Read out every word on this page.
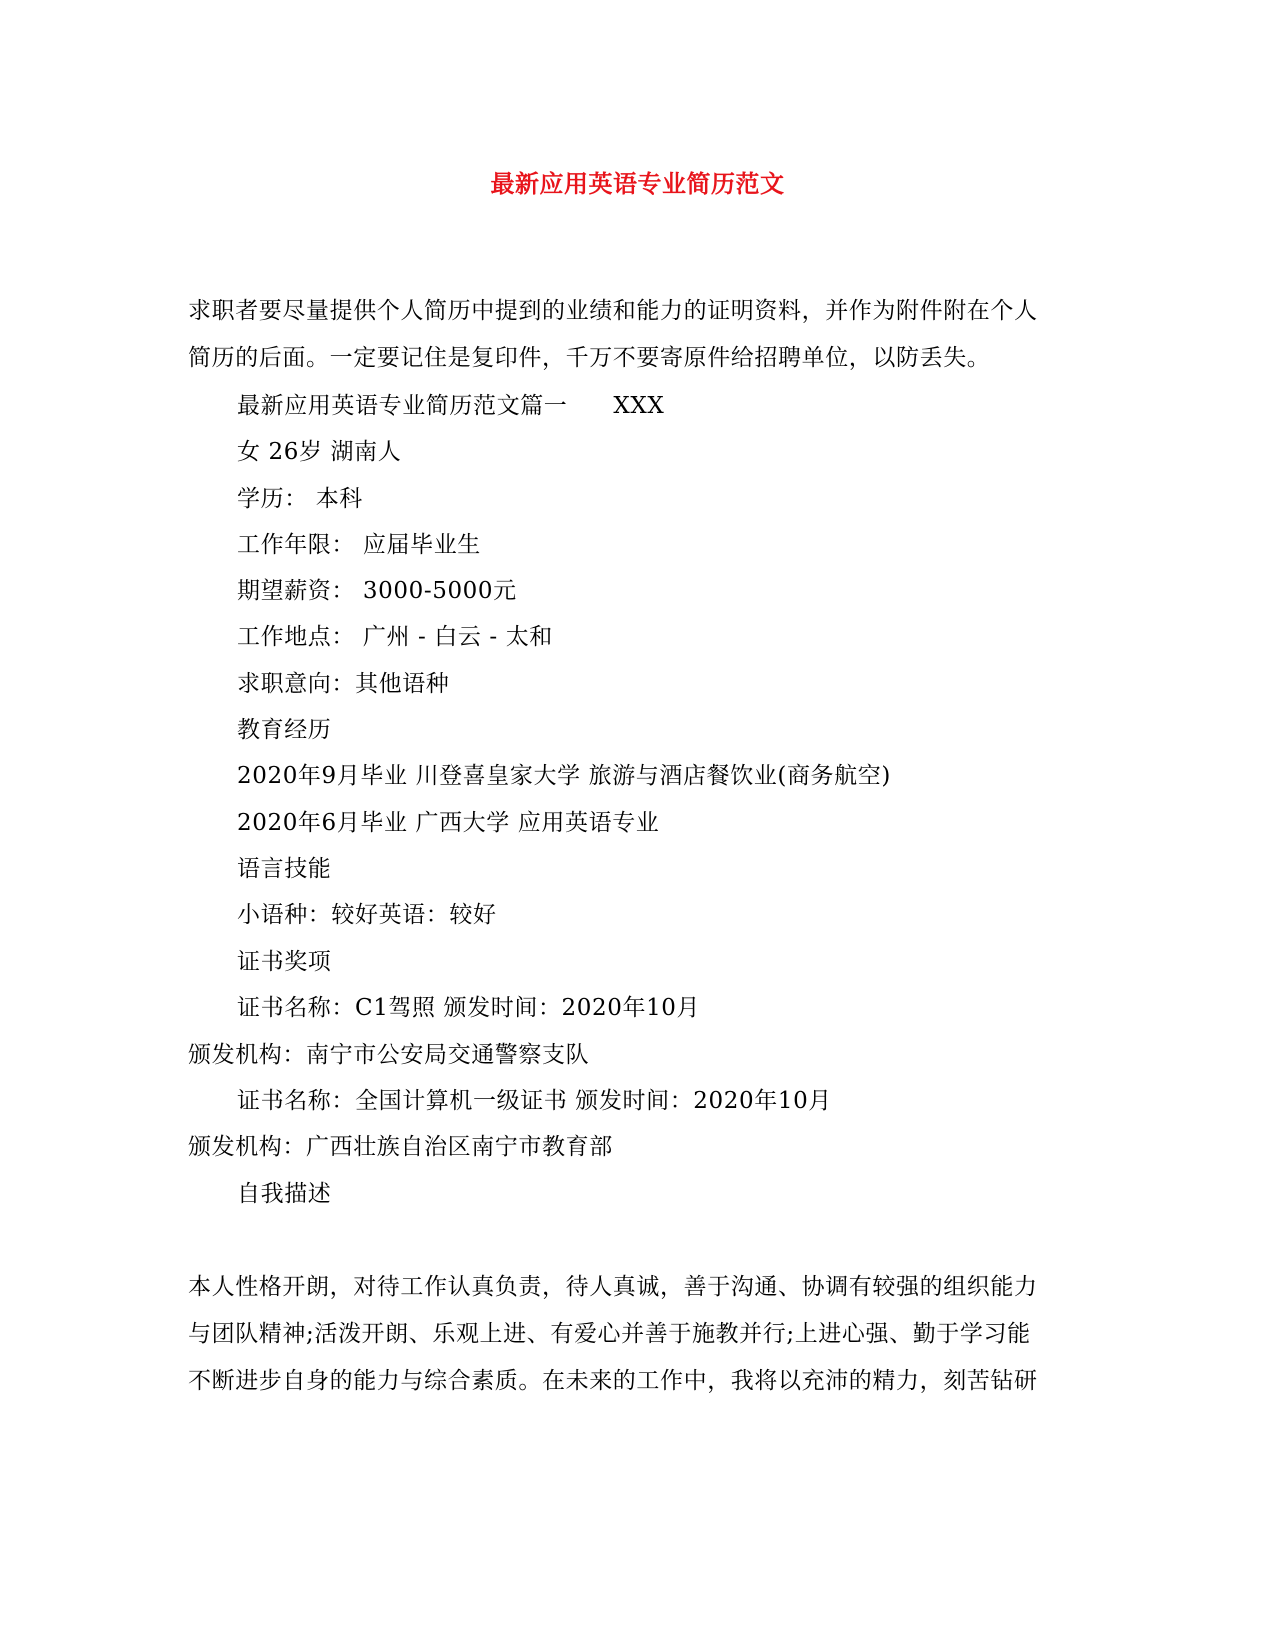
最新应用英语专业简历范文
求职者要尽量提供个人简历中提到的业绩和能力的证明资料，并作为附件附在个人
简历的后面。一定要记住是复印件，千万不要寄原件给招聘单位，以防丢失。
最新应用英语专业简历范文篇一 XXX
女 26岁 湖南人
学历： 本科
工作年限： 应届毕业生
期望薪资： 3000-5000元
工作地点： 广州 - 白云 - 太和
求职意向：其他语种
教育经历
2020年9月毕业 川登喜皇家大学 旅游与酒店餐饮业(商务航空)
2020年6月毕业 广西大学 应用英语专业
语言技能
小语种：较好英语：较好
证书奖项
证书名称：C1驾照 颁发时间：2020年10月
颁发机构：南宁市公安局交通警察支队
证书名称：全国计算机一级证书 颁发时间：2020年10月
颁发机构：广西壮族自治区南宁市教育部
自我描述
本人性格开朗，对待工作认真负责，待人真诚，善于沟通、协调有较强的组织能力
与团队精神;活泼开朗、乐观上进、有爱心并善于施教并行;上进心强、勤于学习能
不断进步自身的能力与综合素质。在未来的工作中，我将以充沛的精力，刻苦钻研
